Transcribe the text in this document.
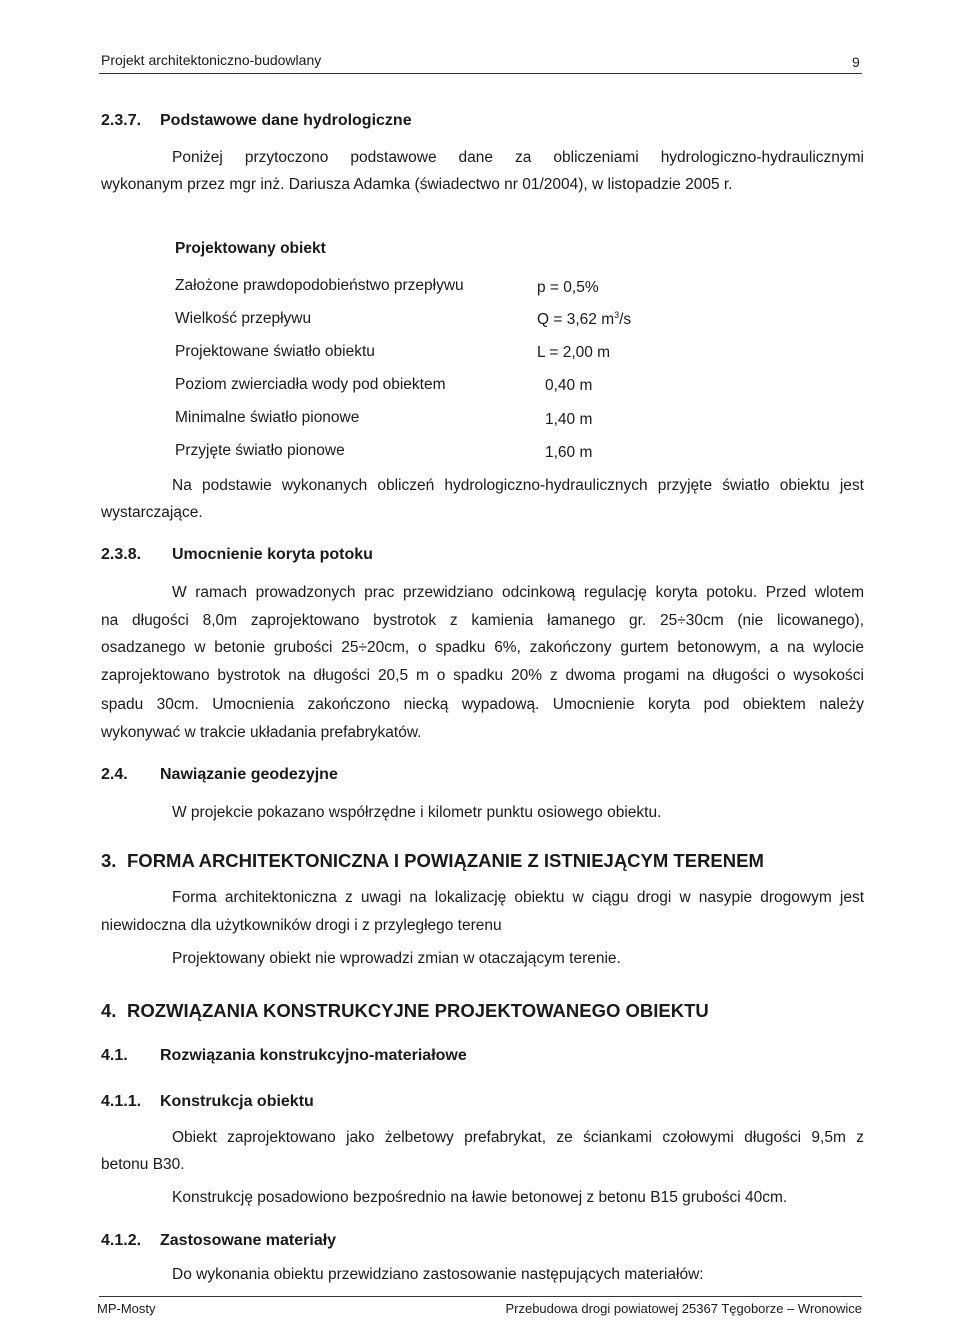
Projekt architektoniczno-budowlany	9
2.3.7. Podstawowe dane hydrologiczne
Poniżej przytoczono podstawowe dane za obliczeniami hydrologiczno-hydraulicznymi
wykonanym przez mgr inż. Dariusza Adamka (świadectwo nr 01/2004), w listopadzie 2005 r.
Projektowany obiekt
Założone prawdopodobieństwo przepływu	p = 0,5%
Wielkość przepływu	Q = 3,62 $m^3/s$
Projektowane światło obiektu	L = 2,00 m
Poziom zwierciadła wody pod obiektem	0,40 m
Minimalne światło pionowe	1,40 m
Przyjęte światło pionowe	1,60 m
Na podstawie wykonanych obliczeń hydrologiczno-hydraulicznych przyjęte światło obiektu jest
wystarczające.
2.3.8. Umocnienie koryta potoku
W ramach prowadzonych prac przewidziano odcinkową regulację koryta potoku. Przed wlotem
na długości 8,0m zaprojektowano bystrotok z kamienia łamanego gr. 25÷30cm (nie licowanego),
osadzanego w betonie grubości 25÷20cm, o spadku 6%, zakończony gurtem betonowym, a na wylocie
zaprojektowano bystrotok na długości 20,5 m o spadku 20% z dwoma progami na długości o wysokości
spadu 30cm. Umocnienia zakończono niecką wypadową. Umocnienie koryta pod obiektem należy
wykonywać w trakcie układania prefabrykatów.
2.4. Nawiązanie geodezyjne
W projekcie pokazano współrzędne i kilometr punktu osiowego obiektu.
3. FORMA ARCHITEKTONICZNA I POWIĄZANIE Z ISTNIEJĄCYM TERENEM
Forma architektoniczna z uwagi na lokalizację obiektu w ciągu drogi w nasypie drogowym jest
niewidoczna dla użytkowników drogi i z przyległego terenu
Projektowany obiekt nie wprowadzi zmian w otaczającym terenie.
4. ROZWIĄZANIA KONSTRUKCYJNE PROJEKTOWANEGO OBIEKTU
4.1. Rozwiązania konstrukcyjno-materiałowe
4.1.1. Konstrukcja obiektu
Obiekt zaprojektowano jako żelbetowy prefabrykat, ze ściankami czołowymi długości 9,5m z
betonu B30.
Konstrukcję posadowiono bezpośrednio na ławie betonowej z betonu B15 grubości 40cm.
4.1.2. Zastosowane materiały
Do wykonania obiektu przewidziano zastosowanie następujących materiałów:
MP-Mosty	Przebudowa drogi powiatowej 25367 Tęgoborze – Wronowice
